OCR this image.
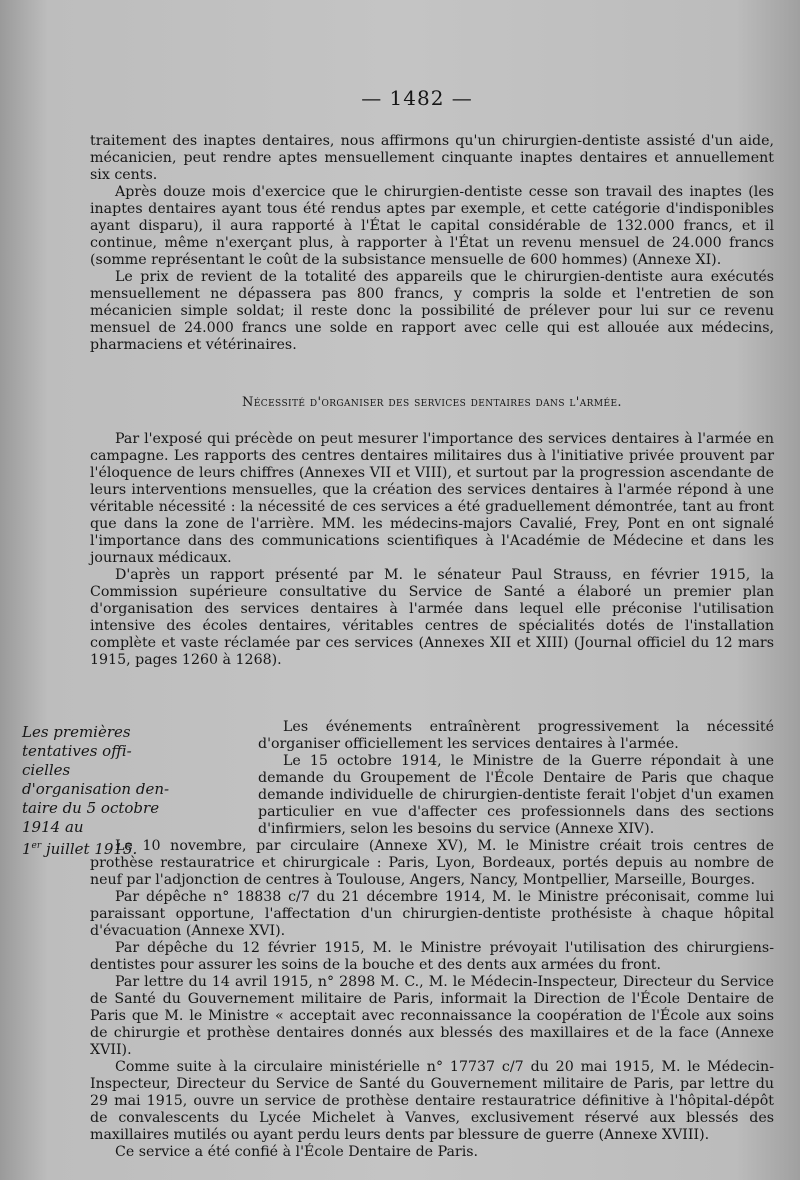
— 1482 —

traitement des inaptes dentaires, nous affirmons qu'un chirurgien-dentiste assisté d'un aide, mécanicien, peut rendre aptes mensuellement cinquante inaptes dentaires et annuellement six cents.

Après douze mois d'exercice que le chirurgien-dentiste cesse son travail des inaptes (les inaptes dentaires ayant tous été rendus aptes par exemple, et cette catégorie d'indisponibles ayant disparu), il aura rapporté à l'État le capital considérable de 132.000 francs, et il continue, même n'exerçant plus, à rapporter à l'État un revenu mensuel de 24.000 francs (somme représentant le coût de la subsistance mensuelle de 600 hommes) (Annexe XI).

Le prix de revient de la totalité des appareils que le chirurgien-dentiste aura exécutés mensuellement ne dépassera pas 800 francs, y compris la solde et l'entretien de son mécanicien simple soldat; il reste donc la possibilité de prélever pour lui sur ce revenu mensuel de 24.000 francs une solde en rapport avec celle qui est allouée aux médecins, pharmaciens et vétérinaires.

Nécessité d'organiser des services dentaires dans l'armée.

Par l'exposé qui précède on peut mesurer l'importance des services dentaires à l'armée en campagne. Les rapports des centres dentaires militaires dus à l'initiative privée prouvent par l'éloquence de leurs chiffres (Annexes VII et VIII), et surtout par la progression ascendante de leurs interventions mensuelles, que la création des services dentaires à l'armée répond à une véritable nécessité : la nécessité de ces services a été graduellement démontrée, tant au front que dans la zone de l'arrière. MM. les médecins-majors Cavalié, Frey, Pont en ont signalé l'importance dans des communications scientifiques à l'Académie de Médecine et dans les journaux médicaux.

D'après un rapport présenté par M. le sénateur Paul Strauss, en février 1915, la Commission supérieure consultative du Service de Santé a élaboré un premier plan d'organisation des services dentaires à l'armée dans lequel elle préconise l'utilisation intensive des écoles dentaires, véritables centres de spécialités dotés de l'installation complète et vaste réclamée par ces services (Annexes XII et XIII) (Journal officiel du 12 mars 1915, pages 1260 à 1268).

Les premières tentatives offi-
cielles d'organisation den-
taire du 5 octobre 1914 au
1er juillet 1915.

Les événements entraînèrent progressivement la nécessité d'organiser officiellement les services dentaires à l'armée.

Le 15 octobre 1914, le Ministre de la Guerre répondait à une demande du Groupement de l'École Dentaire de Paris que chaque demande individuelle de chirurgien-dentiste ferait l'objet d'un examen particulier en vue d'affecter ces professionnels dans des sections d'infirmiers, selon les besoins du service (Annexe XIV).

Le 10 novembre, par circulaire (Annexe XV), M. le Ministre créait trois centres de prothèse restauratrice et chirurgicale : Paris, Lyon, Bordeaux, portés depuis au nombre de neuf par l'adjonction de centres à Toulouse, Angers, Nancy, Montpellier, Marseille, Bourges.

Par dépêche n° 18838 c/7 du 21 décembre 1914, M. le Ministre préconisait, comme lui paraissant opportune, l'affectation d'un chirurgien-dentiste prothésiste à chaque hôpital d'évacuation (Annexe XVI).

Par dépêche du 12 février 1915, M. le Ministre prévoyait l'utilisation des chirurgiens-dentistes pour assurer les soins de la bouche et des dents aux armées du front.

Par lettre du 14 avril 1915, n° 2898 M. C., M. le Médecin-Inspecteur, Directeur du Service de Santé du Gouvernement militaire de Paris, informait la Direction de l'École Dentaire de Paris que M. le Ministre « acceptait avec reconnaissance la coopération de l'École aux soins de chirurgie et prothèse dentaires donnés aux blessés des maxillaires et de la face (Annexe XVII).

Comme suite à la circulaire ministérielle n° 17737 c/7 du 20 mai 1915, M. le Médecin-Inspecteur, Directeur du Service de Santé du Gouvernement militaire de Paris, par lettre du 29 mai 1915, ouvre un service de prothèse dentaire restauratrice définitive à l'hôpital-dépôt de convalescents du Lycée Michelet à Vanves, exclusivement réservé aux blessés des maxillaires mutilés ou ayant perdu leurs dents par blessure de guerre (Annexe XVIII).

Ce service a été confié à l'École Dentaire de Paris.
